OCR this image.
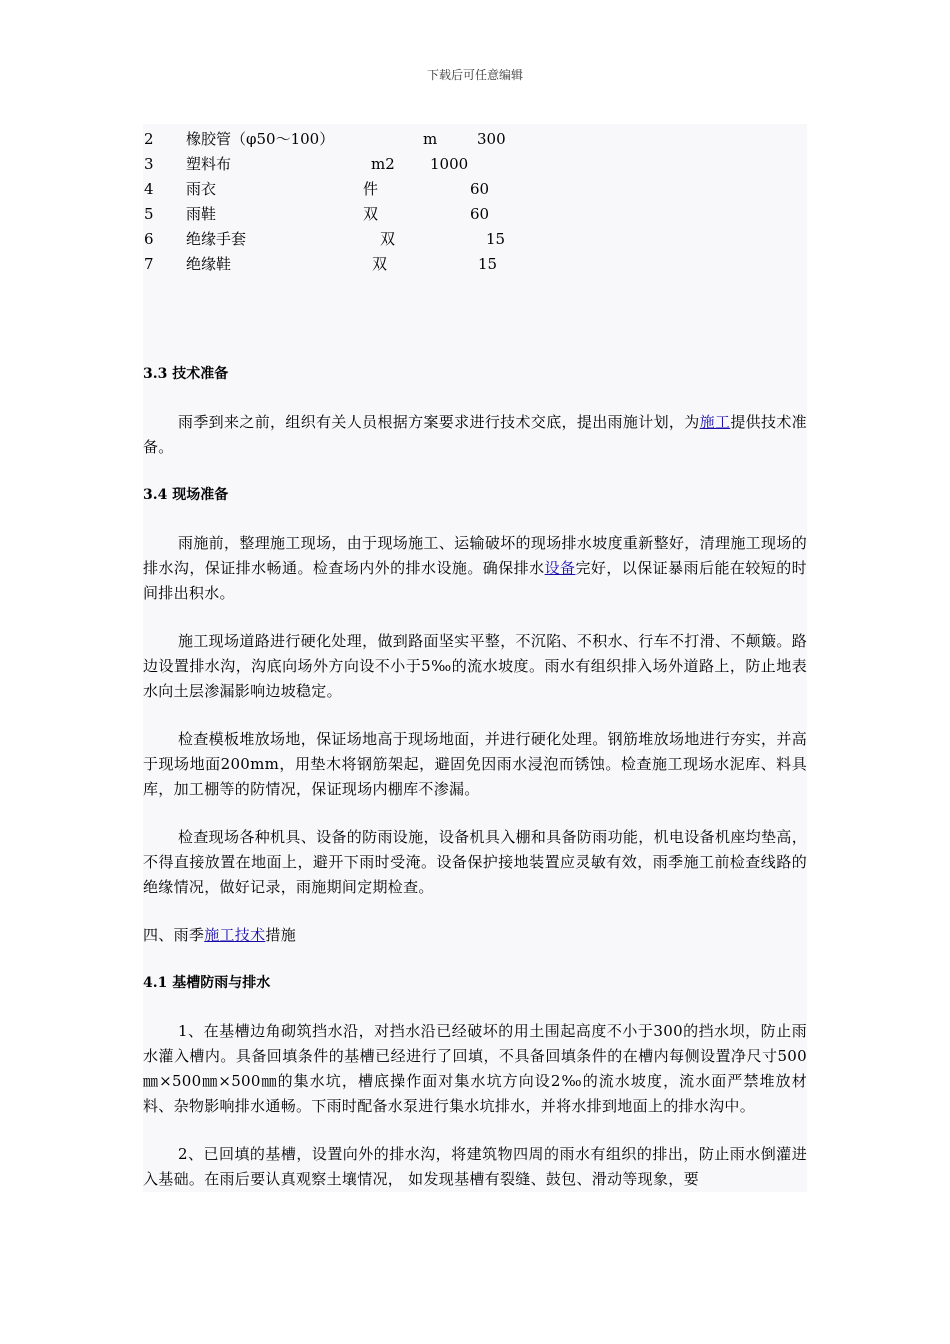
下载后可任意编辑
2 橡胶管（φ50～100）	m	300
3 塑料布	m2 1000
4 雨衣	件	60
5 雨鞋	双	60
6 绝缘手套	双	15
7 绝缘鞋	双	15
3.3 技术准备

雨季到来之前，组织有关人员根据方案要求进行技术交底，提出雨施计划，为施工提供技术准备。

3.4 现场准备

雨施前，整理施工现场，由于现场施工、运输破坏的现场排水坡度重新整好，清理施工现场的排水沟，保证排水畅通。检查场内外的排水设施。确保排水设备完好，以保证暴雨后能在较短的时间排出积水。

施工现场道路进行硬化处理，做到路面坚实平整，不沉陷、不积水、行车不打滑、不颠簸。路边设置排水沟，沟底向场外方向设不小于5‰的流水坡度。雨水有组织排入场外道路上，防止地表水向土层渗漏影响边坡稳定。

检查模板堆放场地，保证场地高于现场地面，并进行硬化处理。钢筋堆放场地进行夯实，并高于现场地面200mm，用垫木将钢筋架起，避固免因雨水浸泡而锈蚀。检查施工现场水泥库、料具库，加工棚等的防情况，保证现场内棚库不渗漏。

检查现场各种机具、设备的防雨设施，设备机具入棚和具备防雨功能，机电设备机座均垫高，不得直接放置在地面上，避开下雨时受淹。设备保护接地装置应灵敏有效，雨季施工前检查线路的绝缘情况，做好记录，雨施期间定期检查。

四、雨季施工技术措施

4.1 基槽防雨与排水

1、在基槽边角砌筑挡水沿，对挡水沿已经破坏的用土围起高度不小于300的挡水坝，防止雨水灌入槽内。具备回填条件的基槽已经进行了回填，不具备回填条件的在槽内每侧设置净尺寸500㎜×500㎜×500㎜的集水坑，槽底操作面对集水坑方向设2‰的流水坡度，流水面严禁堆放材料、杂物影响排水通畅。下雨时配备水泵进行集水坑排水，并将水排到地面上的排水沟中。

2、已回填的基槽，设置向外的排水沟，将建筑物四周的雨水有组织的排出，防止雨水倒灌进入基础。在雨后要认真观察土壤情况， 如发现基槽有裂缝、鼓包、滑动等现象，要
